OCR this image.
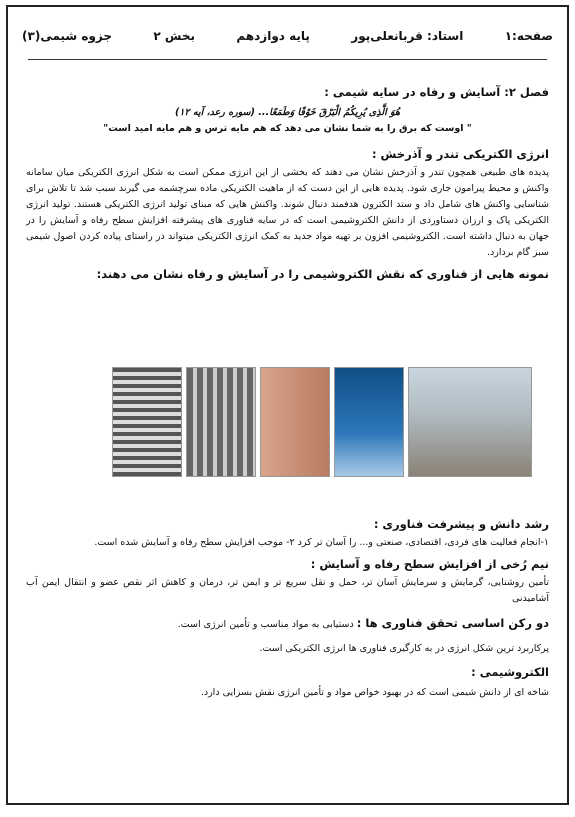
جزوه شیمی(۳)	بخش ۲	پایه دوازدهم	استاد: قربانعلی‌پور	صفحه:۱

فصل ۲: آسایش و رفاه در سایه شیمی :

هُوَ الَّذِی یُرِیکُمُ الْبَرْقَ خَوْفًا وَطَمَعًا... (سوره رعد، آیه ۱۲)

" اوست که برق را به شما نشان می دهد که هم مایه ترس و هم مایه امید است"

انرژی الکتریکی تندر و آذرخش :

پدیده های طبیعی همچون تندر و آذرخش نشان می دهند که بخشی از این انرژی ممکن است به شکل انرژی الکتریکی میان سامانه واکنش و محیط پیرامون جاری شود. پدیده هایی از این دست که از ماهیت الکتریکی ماده سرچشمه می گیرند سبب شد تا تلاش برای شناسایی واکنش های شامل داد و ستد الکترون هدفمند دنبال شوند. واکنش هایی که مبنای تولید انرژی الکتریکی هستند. تولید انرژی الکتریکی پاک و ارزان دستاوردی از دانش الکتروشیمی است که در سایه فناوری های پیشرفته افزایش سطح رفاه و آسایش را در جهان به دنبال داشته است. الکتروشیمی افزون بر تهیه مواد جدید به کمک انرژی الکتریکی میتواند در راستای پیاده کردن اصول شیمی سبز گام بردارد.

نمونه هایی از فناوری که نقش الکتروشیمی را در آسایش و رفاه نشان می دهند:

رشد دانش و پیشرفت فناوری :

۱-انجام فعالیت های فردی، اقتصادی، صنعتی و... را آسان تر کرد ۲- موجب افزایش سطح رفاه و آسایش شده است.

نیم رُخی از افزایش سطح رفاه و آسایش :

تأمین روشنایی، گرمایش و سرمایش آسان تر، حمل و نقل سریع تر و ایمن تر، درمان و کاهش اثر نقص عضو و انتقال ایمن آب آشامیدنی

دو رکن اساسی تحقق فناوری ها : دستیابی به مواد مناسب و تأمین انرژی است.

پرکاربرد ترین شکل انرژی در به کارگیری فناوری ها انرژی الکتریکی است.

الکتروشیمی :

شاخه ای از دانش شیمی است که در بهبود خواص مواد و تأمین انرژی نقش بسزایی دارد.
